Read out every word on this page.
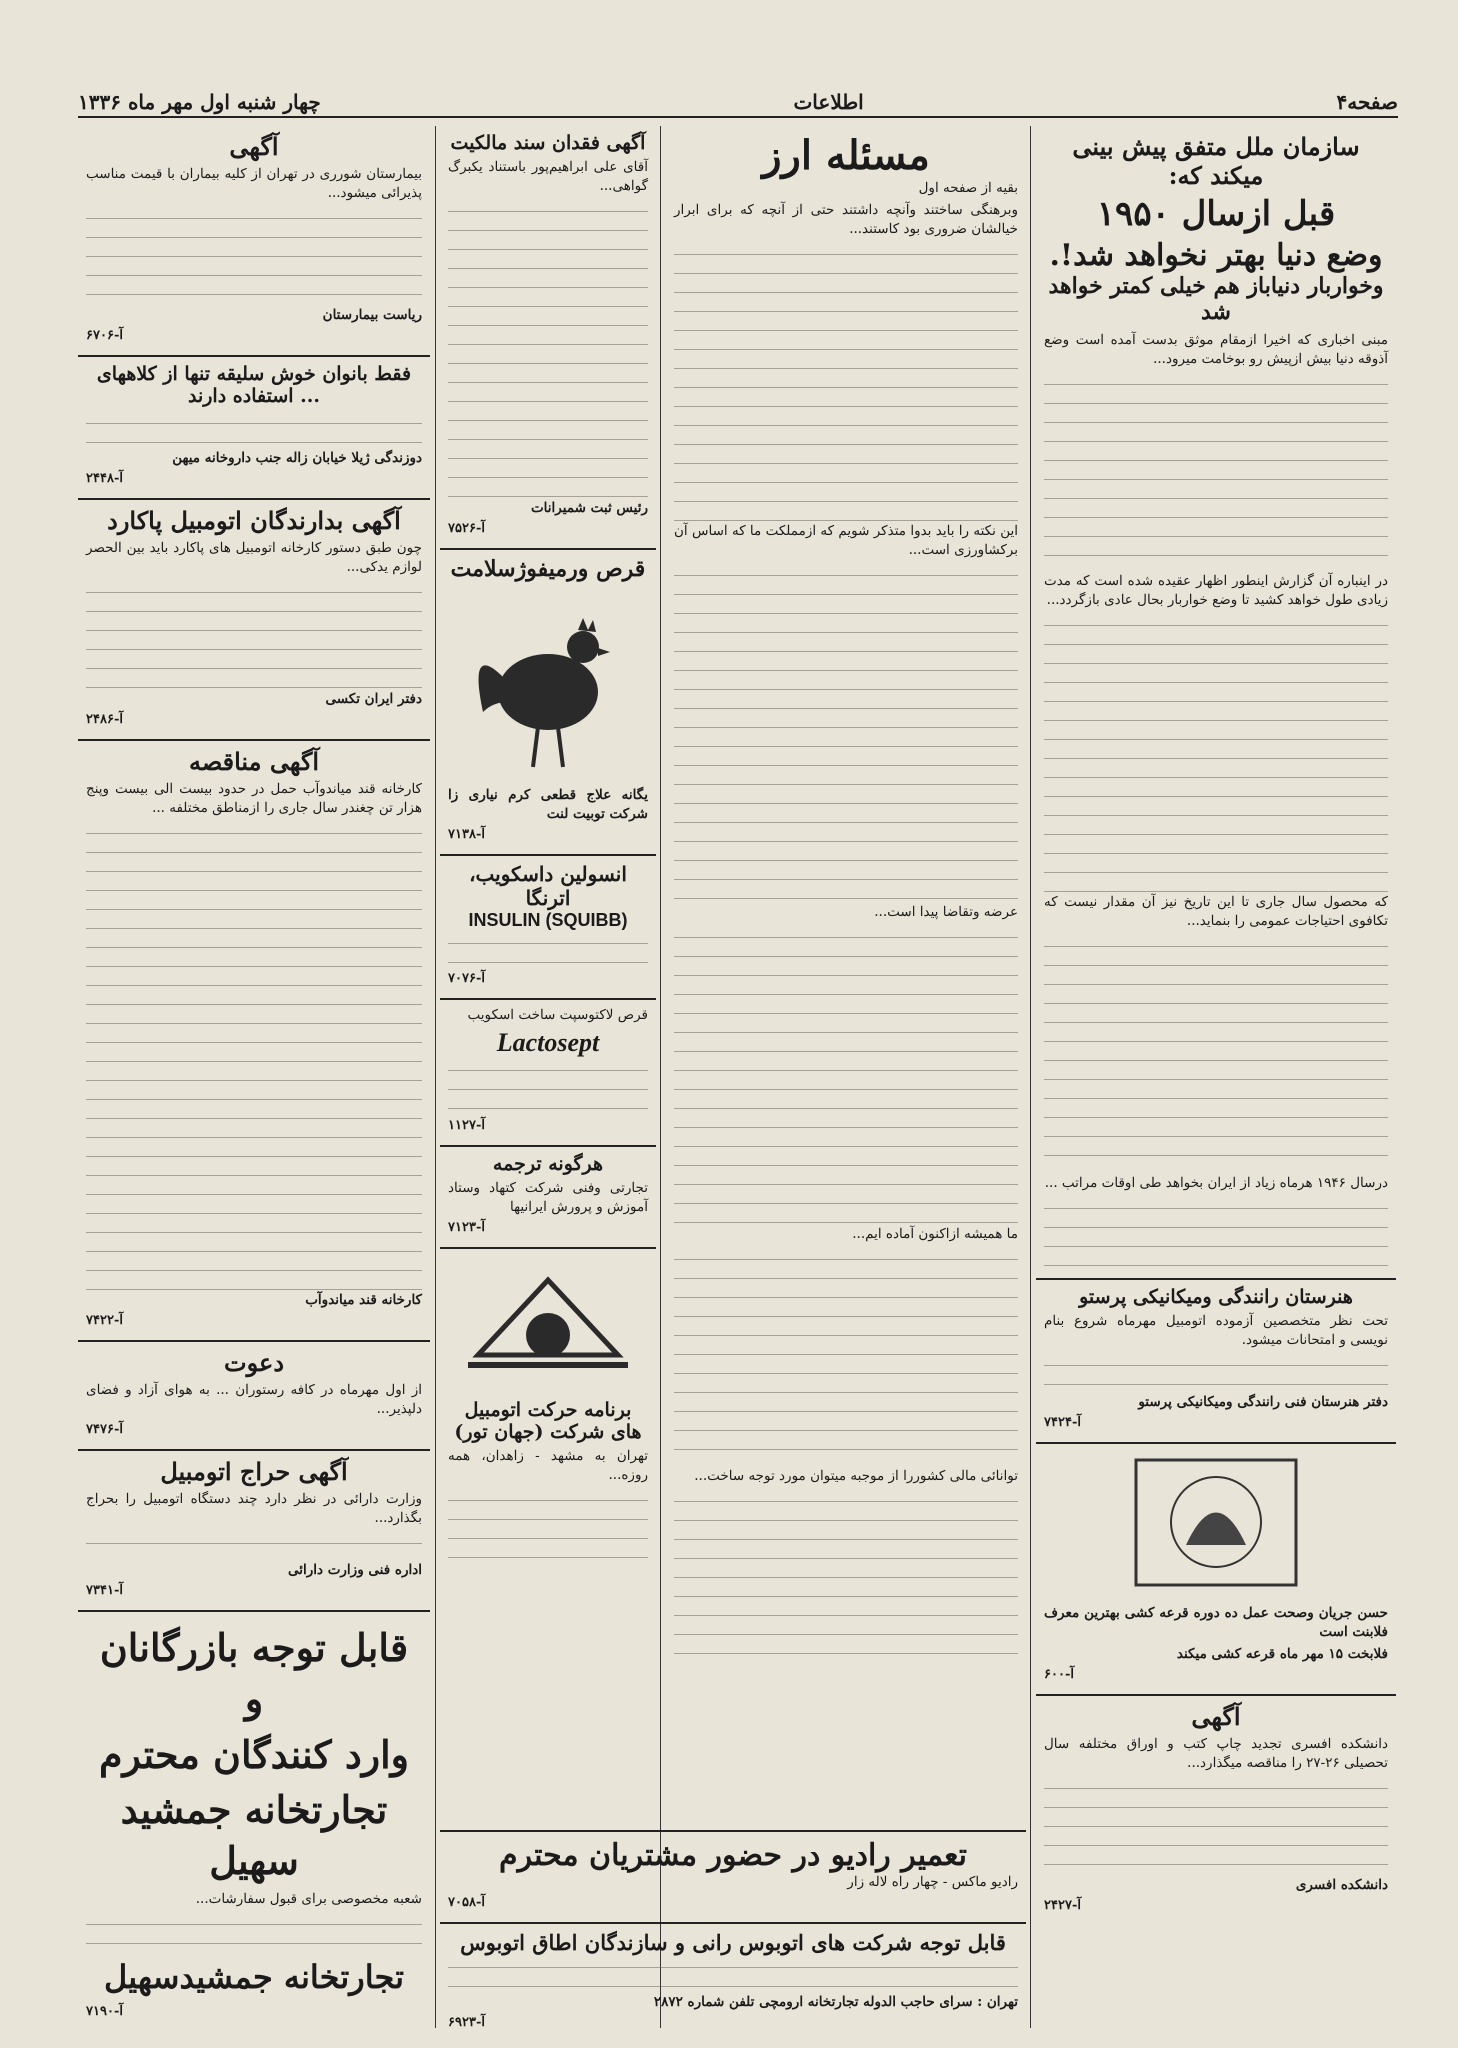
صفحه۴
اطلاعات
چهار شنبه اول مهر ماه ۱۳۳۶
سازمان ملل متفق پیش بینی میکند که:
قبل ازسال ۱۹۵۰
وضع دنیا بهتر نخواهد شد!.
وخواربار دنیاباز هم خیلی کمتر خواهد شد

مبنی اخباری که اخیرا ازمقام موثق بدست آمده است وضع آذوقه دنیا بیش ازپیش رو بوخامت میرود...

در اینباره آن گزارش اینطور اظهار عقیده شده است که مدت زیادی طول خواهد کشید تا وضع خواربار بحال عادی بازگردد...

که محصول سال جاری تا این تاریخ نیز آن مقدار نیست که تکافوی احتیاجات عمومی را بنماید...

درسال ۱۹۴۶ هرماه زیاد از ایران بخواهد طی اوقات مراتب ...

هنرستان رانندگی ومیکانیکی پرستو

تحت نظر متخصصین آزموده اتومبیل مهرماه شروع بنام نویسی و امتحانات میشود.

دفتر هنرستان فنی رانندگی ومیکانیکی پرستو

آ-۷۴۲۴

حسن جریان وصحت عمل ده دوره قرعه کشی بهترین معرف فلابنت است

فلابخت ۱۵ مهر ماه قرعه کشی میکند

آ-۶۰۰
آگهی

دانشکده افسری تجدید چاپ کتب و اوراق مختلفه سال تحصیلی ۲۶-۲۷ را مناقصه میگذارد...

دانشکده افسری

آ-۲۴۲۷
مسئله ارز

بقیه از صفحه اول

وبرهنگی ساختند وآنچه داشتند حتی از آنچه که برای ابرار خیالشان ضروری بود کاستند...

این نکته را باید بدوا متذکر شویم که ازمملکت ما که اساس آن برکشاورزی است...

عرضه وتقاضا پیدا است...

ما همیشه ازاکنون آماده ایم...

توانائی مالی کشوررا از موجبه میتوان مورد توجه ساخت...

آگهی فقدان سند مالکیت

آقای علی ابراهیم‌پور باستناد یکبرگ گواهی...

رئیس ثبت شمیرانات

آ-۷۵۲۶
قرص ورمیفوژسلامت

یگانه علاج قطعی کرم نیاری زا شرکت توبیت لنت

آ-۷۱۳۸
انسولین داسکویب، اترنگا
INSULIN (SQUIBB)
آ-۷۰۷۶

قرص لاکتوسپت ساخت اسکویب

Lactosept
آ-۱۱۲۷
هرگونه ترجمه

تجارتی وفنی شرکت کتهاد وستاد آموزش و پرورش ایرانیها

آ-۷۱۲۳
برنامه حرکت اتومبیل های شرکت (جهان تور)

تهران به مشهد - زاهدان، همه روزه...

آگهی

بیمارستان شورری در تهران از کلیه بیماران با قیمت مناسب پذیرائی میشود...

ریاست بیمارستان

آ-۶۷۰۶
فقط بانوان خوش سلیقه تنها از کلاههای ... استفاده دارند

دوزندگی ژیلا خیابان زاله جنب داروخانه میهن

آ-۲۴۴۸
آگهی بدارندگان اتومبیل پاکارد

چون طبق دستور کارخانه اتومبیل های پاکارد باید بین الحصر لوازم یدکی...

دفتر ایران تکسی

آ-۲۴۸۶
آگهی مناقصه

کارخانه قند میاندوآب حمل در حدود بیست الی بیست وپنج هزار تن چغندر سال جاری را ازمناطق مختلفه ...

کارخانه قند میاندوآب

آ-۷۴۲۲
دعوت

از اول مهرماه در کافه رستوران ... به هوای آزاد و فضای دلپذیر...

آ-۷۴۷۶
آگهی حراج اتومبیل

وزارت دارائی در نظر دارد چند دستگاه اتومبیل را بحراج بگذارد...

اداره فنی وزارت دارائی

آ-۷۳۴۱
قابل توجه بازرگانان و
وارد کنندگان محترم
تجارتخانه جمشید سهیل

شعبه مخصوصی برای قبول سفارشات...

تجارتخانه جمشیدسهیل
آ-۷۱۹۰
تعمیر رادیو در حضور مشتریان محترم

رادیو ماکس - چهار راه لاله زار

آ-۷۰۵۸
قابل توجه شرکت های اتوبوس رانی و سازندگان اطاق اتوبوس

تهران : سرای حاجب الدوله تجارتخانه ارومچی تلفن شماره ۲۸۷۲

آ-۶۹۲۳
